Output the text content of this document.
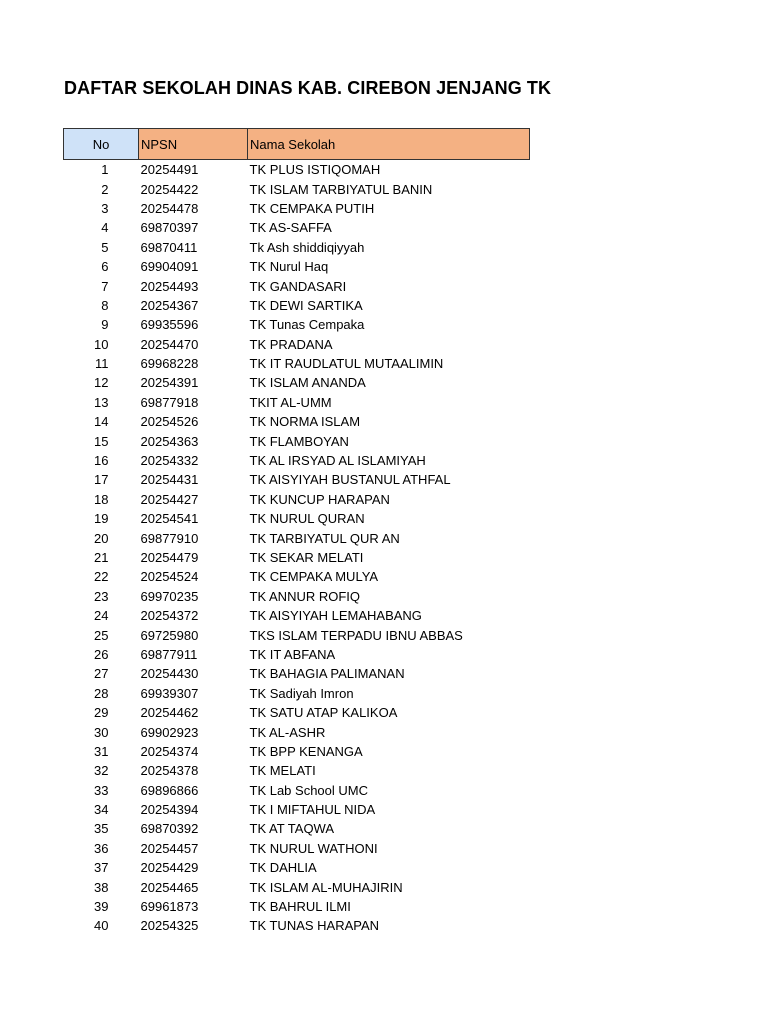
DAFTAR SEKOLAH DINAS KAB. CIREBON JENJANG TK
No	NPSN	Nama Sekolah
1	20254491	TK PLUS ISTIQOMAH
2	20254422	TK ISLAM TARBIYATUL BANIN
3	20254478	TK CEMPAKA PUTIH
4	69870397	TK AS-SAFFA
5	69870411	Tk Ash shiddiqiyyah
6	69904091	TK Nurul Haq
7	20254493	TK GANDASARI
8	20254367	TK DEWI SARTIKA
9	69935596	TK Tunas Cempaka
10	20254470	TK PRADANA
11	69968228	TK IT RAUDLATUL MUTAALIMIN
12	20254391	TK ISLAM ANANDA
13	69877918	TKIT AL-UMM
14	20254526	TK NORMA ISLAM
15	20254363	TK FLAMBOYAN
16	20254332	TK AL IRSYAD AL ISLAMIYAH
17	20254431	TK AISYIYAH BUSTANUL ATHFAL
18	20254427	TK KUNCUP HARAPAN
19	20254541	TK NURUL QURAN
20	69877910	TK TARBIYATUL QUR AN
21	20254479	TK SEKAR MELATI
22	20254524	TK CEMPAKA MULYA
23	69970235	TK ANNUR ROFIQ
24	20254372	TK AISYIYAH LEMAHABANG
25	69725980	TKS ISLAM TERPADU IBNU ABBAS
26	69877911	TK IT ABFANA
27	20254430	TK BAHAGIA PALIMANAN
28	69939307	TK Sadiyah Imron
29	20254462	TK SATU ATAP KALIKOA
30	69902923	TK AL-ASHR
31	20254374	TK BPP KENANGA
32	20254378	TK MELATI
33	69896866	TK Lab School UMC
34	20254394	TK I MIFTAHUL NIDA
35	69870392	TK AT TAQWA
36	20254457	TK NURUL WATHONI
37	20254429	TK DAHLIA
38	20254465	TK ISLAM AL-MUHAJIRIN
39	69961873	TK BAHRUL ILMI
40	20254325	TK TUNAS HARAPAN
